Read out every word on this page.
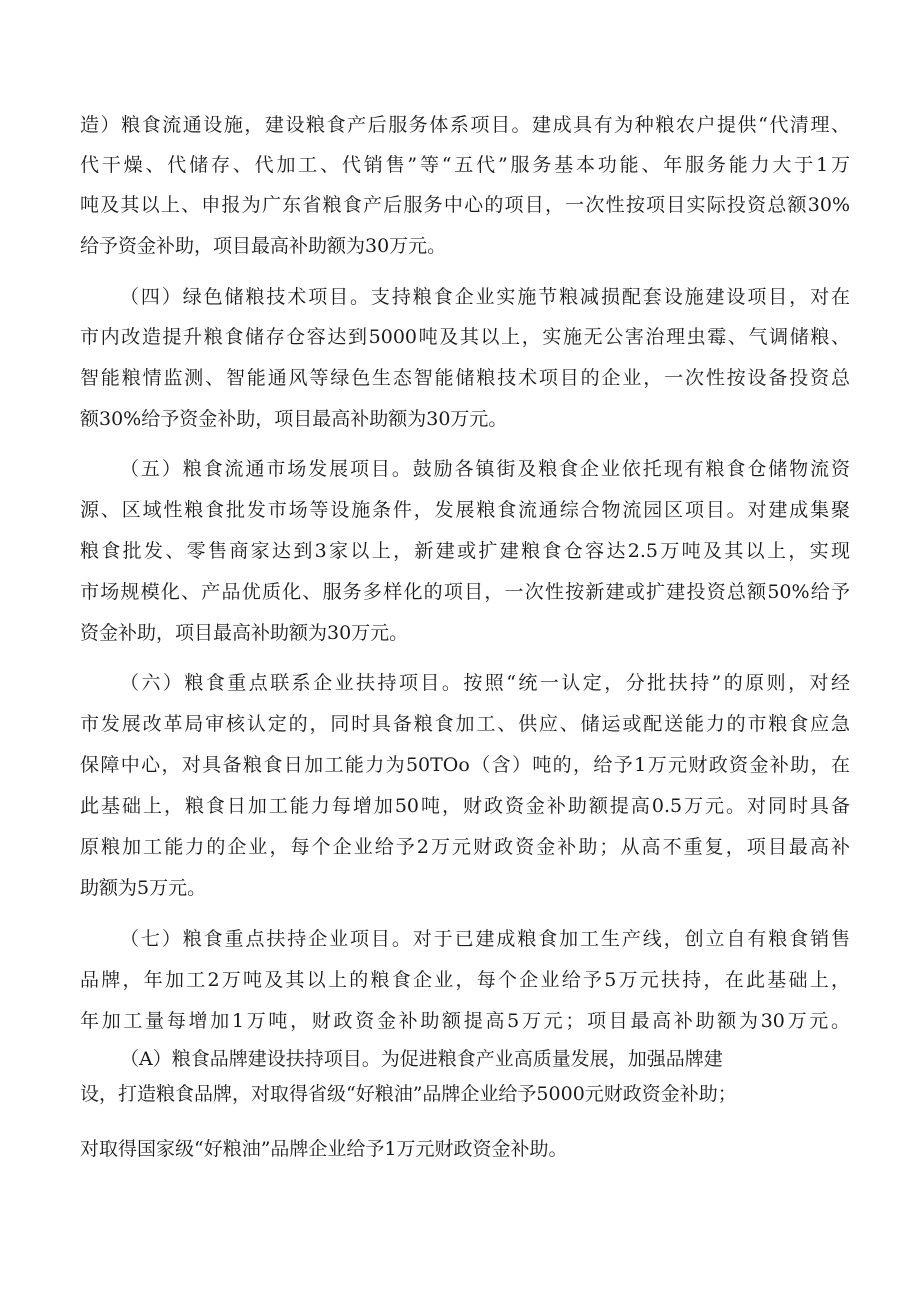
造）粮食流通设施，建设粮食产后服务体系项目。建成具有为种粮农户提供“代清理、
代干燥、代储存、代加工、代销售”等“五代”服务基本功能、年服务能力大于1万
吨及其以上、申报为广东省粮食产后服务中心的项目，一次性按项目实际投资总额30%
给予资金补助，项目最高补助额为30万元。
（四）绿色储粮技术项目。支持粮食企业实施节粮减损配套设施建设项目，对在
市内改造提升粮食储存仓容达到5000吨及其以上，实施无公害治理虫霉、气调储粮、
智能粮情监测、智能通风等绿色生态智能储粮技术项目的企业，一次性按设备投资总
额30%给予资金补助，项目最高补助额为30万元。
（五）粮食流通市场发展项目。鼓励各镇街及粮食企业依托现有粮食仓储物流资
源、区域性粮食批发市场等设施条件，发展粮食流通综合物流园区项目。对建成集聚
粮食批发、零售商家达到3家以上，新建或扩建粮食仓容达2.5万吨及其以上，实现
市场规模化、产品优质化、服务多样化的项目，一次性按新建或扩建投资总额50%给予
资金补助，项目最高补助额为30万元。
（六）粮食重点联系企业扶持项目。按照“统一认定，分批扶持”的原则，对经
市发展改革局审核认定的，同时具备粮食加工、供应、储运或配送能力的市粮食应急
保障中心，对具备粮食日加工能力为50TOo（含）吨的，给予1万元财政资金补助，在
此基础上，粮食日加工能力每增加50吨，财政资金补助额提高0.5万元。对同时具备
原粮加工能力的企业，每个企业给予2万元财政资金补助；从高不重复，项目最高补
助额为5万元。
（七）粮食重点扶持企业项目。对于已建成粮食加工生产线，创立自有粮食销售
品牌，年加工2万吨及其以上的粮食企业，每个企业给予5万元扶持，在此基础上，
年加工量每增加1万吨，财政资金补助额提高5万元；项目最高补助额为30万元。
（A）粮食品牌建设扶持项目。为促进粮食产业高质量发展，加强品牌建
设，打造粮食品牌，对取得省级“好粮油”品牌企业给予5000元财政资金补助；
对取得国家级“好粮油”品牌企业给予1万元财政资金补助。
